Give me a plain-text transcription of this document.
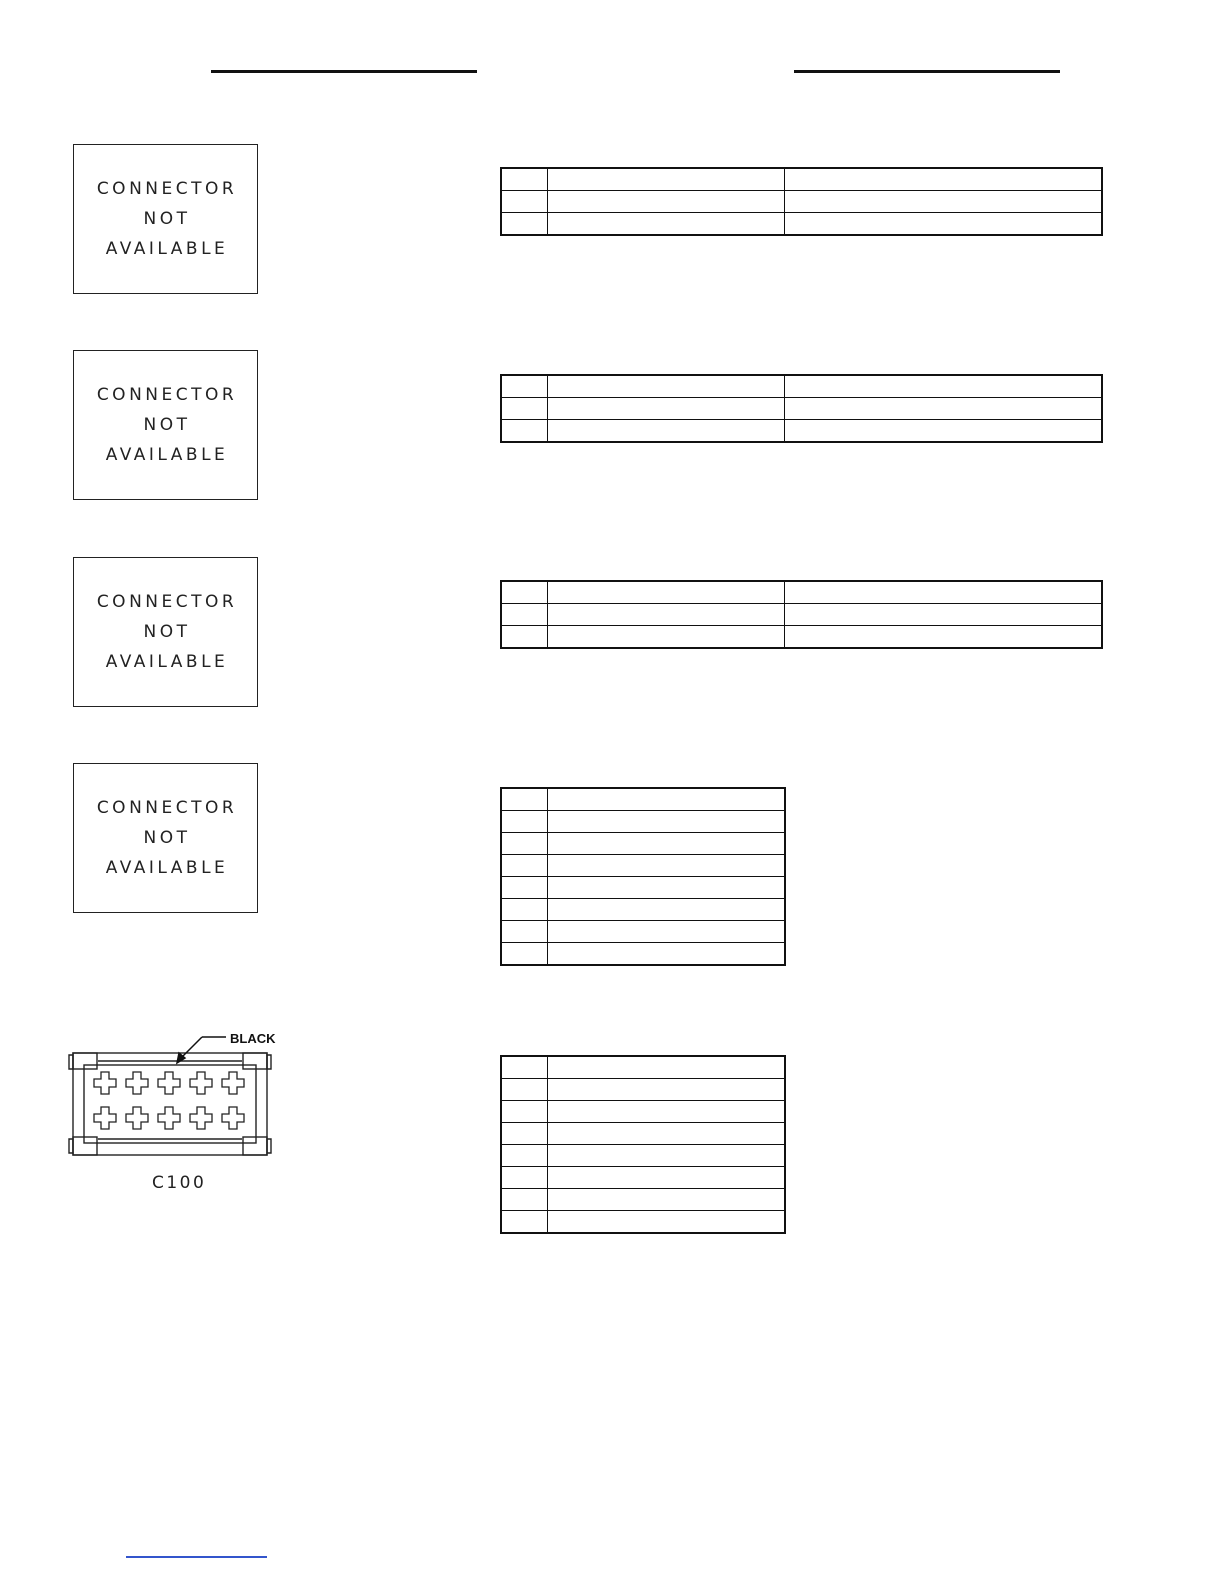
CONNECTOR
NOT
AVAILABLE
CONNECTOR
NOT
AVAILABLE
CONNECTOR
NOT
AVAILABLE
CONNECTOR
NOT
AVAILABLE
BLACK
C100
